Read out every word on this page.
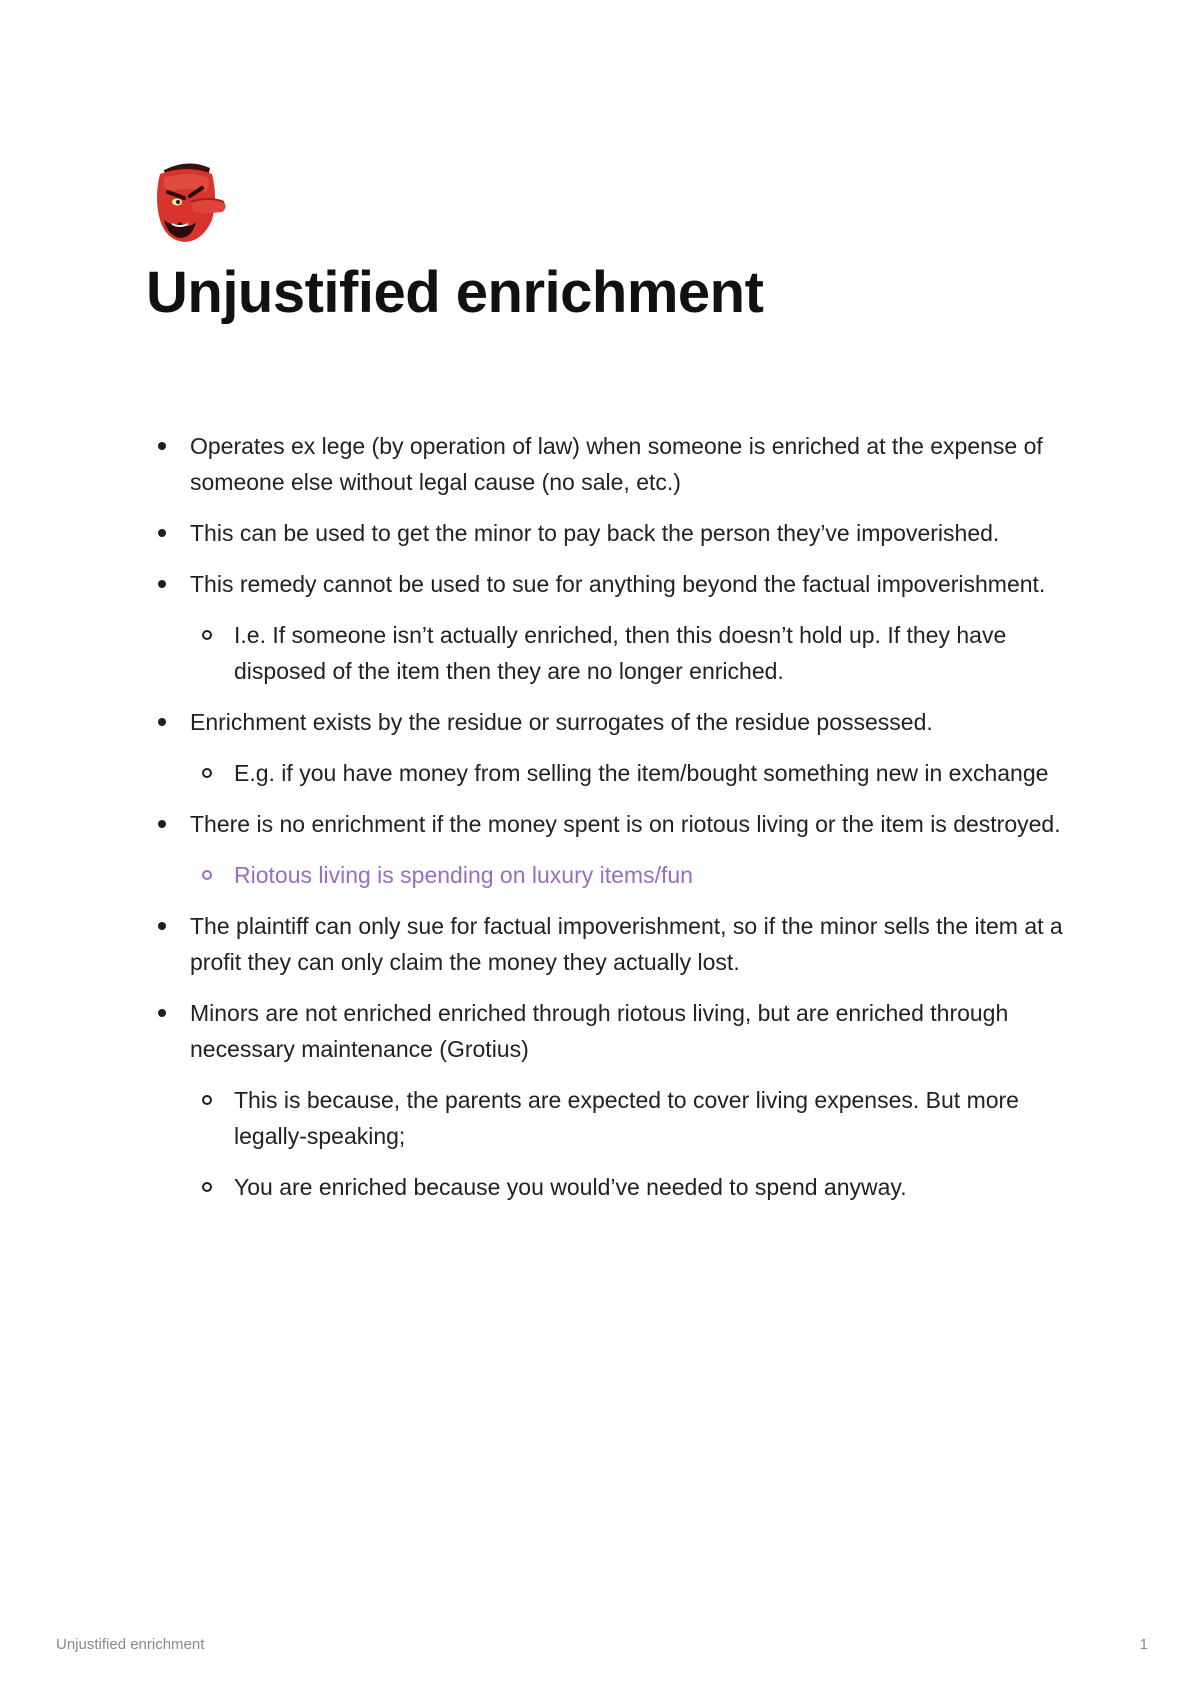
Unjustified enrichment
Operates ex lege (by operation of law) when someone is enriched at the expense of someone else without legal cause (no sale, etc.)
This can be used to get the minor to pay back the person they’ve impoverished.
This remedy cannot be used to sue for anything beyond the factual impoverishment.
I.e. If someone isn’t actually enriched, then this doesn’t hold up. If they have disposed of the item then they are no longer enriched.
Enrichment exists by the residue or surrogates of the residue possessed.
E.g. if you have money from selling the item/bought something new in exchange
There is no enrichment if the money spent is on riotous living or the item is destroyed.
Riotous living is spending on luxury items/fun
The plaintiff can only sue for factual impoverishment, so if the minor sells the item at a profit they can only claim the money they actually lost.
Minors are not enriched enriched through riotous living, but are enriched through necessary maintenance (Grotius)
This is because, the parents are expected to cover living expenses. But more legally-speaking;
You are enriched because you would’ve needed to spend anyway.
Unjustified enrichment	1
